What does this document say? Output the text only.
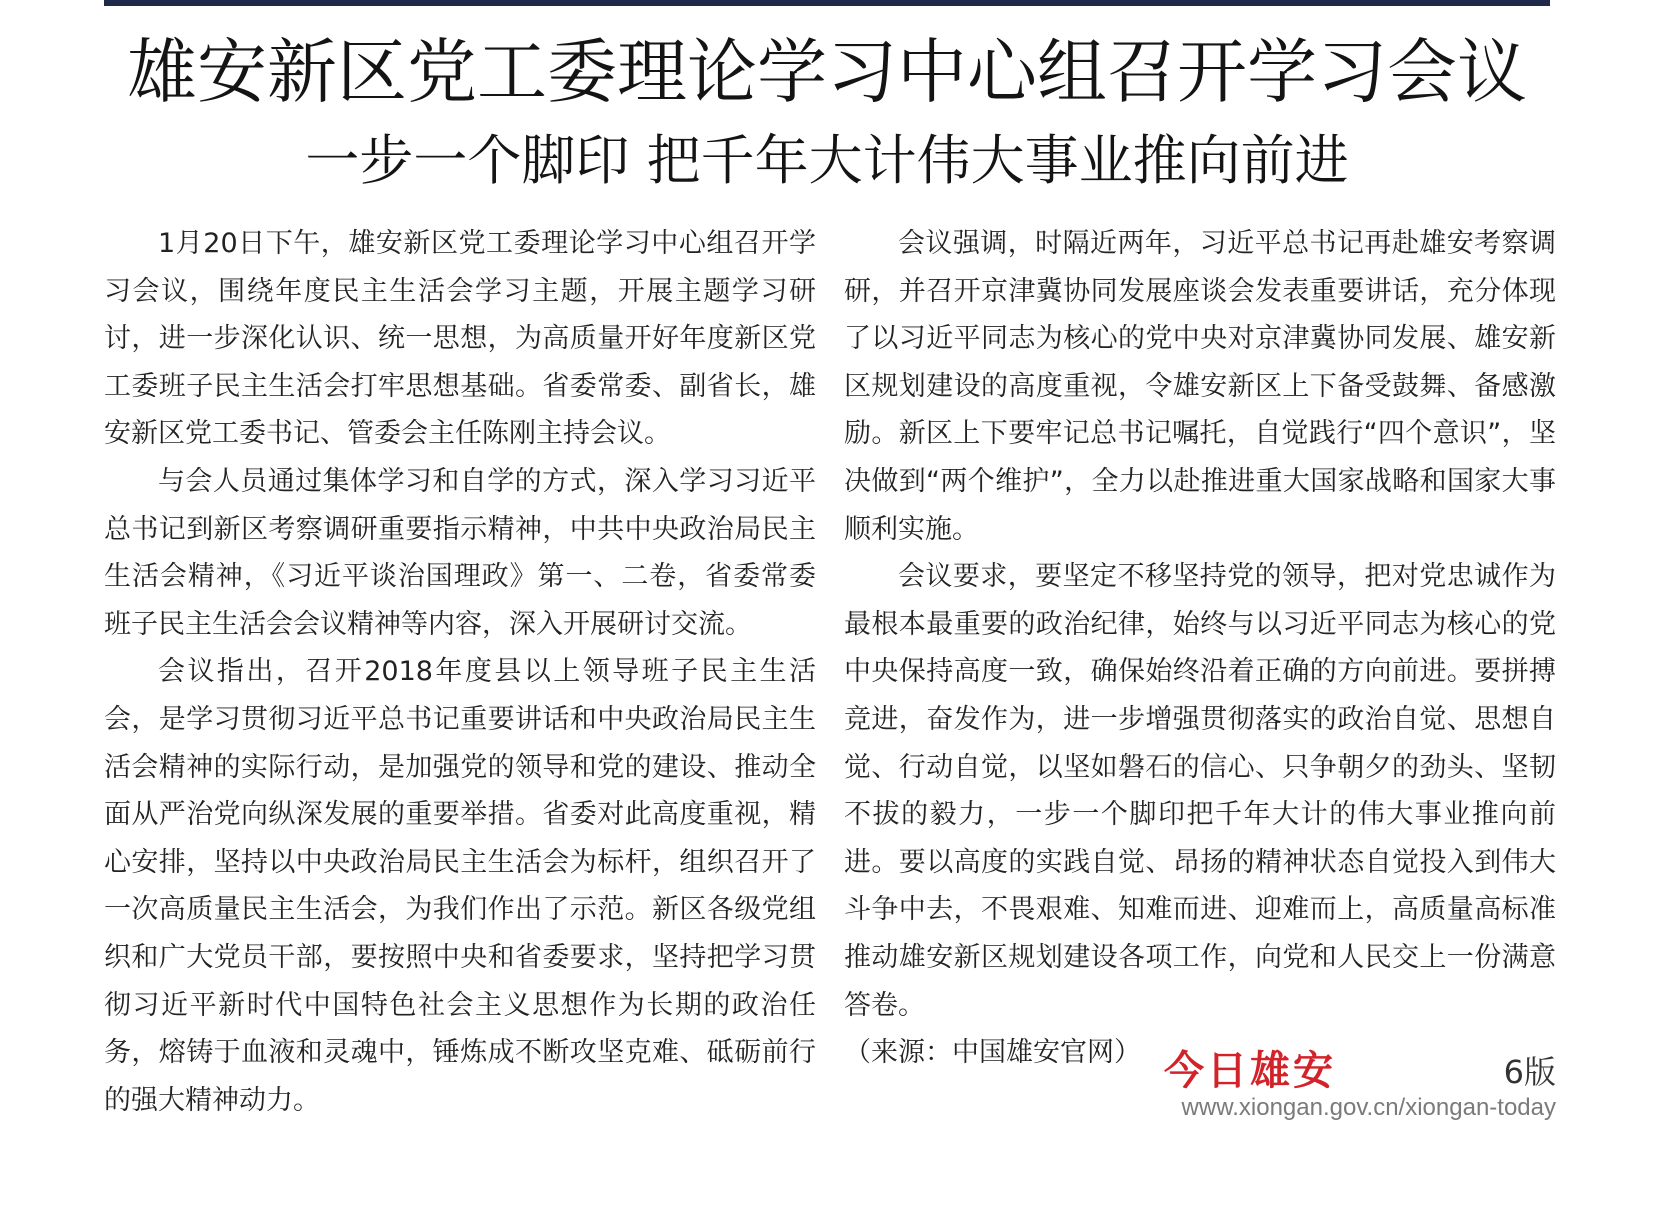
雄安新区党工委理论学习中心组召开学习会议
一步一个脚印 把千年大计伟大事业推向前进

1月20日下午，雄安新区党工委理论学习中心组召开学习会议，围绕年度民主生活会学习主题，开展主题学习研讨，进一步深化认识、统一思想，为高质量开好年度新区党工委班子民主生活会打牢思想基础。省委常委、副省长，雄安新区党工委书记、管委会主任陈刚主持会议。

与会人员通过集体学习和自学的方式，深入学习习近平总书记到新区考察调研重要指示精神，中共中央政治局民主生活会精神，《习近平谈治国理政》第一、二卷，省委常委班子民主生活会会议精神等内容，深入开展研讨交流。

会议指出，召开2018年度县以上领导班子民主生活会，是学习贯彻习近平总书记重要讲话和中央政治局民主生活会精神的实际行动，是加强党的领导和党的建设、推动全面从严治党向纵深发展的重要举措。省委对此高度重视，精心安排，坚持以中央政治局民主生活会为标杆，组织召开了一次高质量民主生活会，为我们作出了示范。新区各级党组织和广大党员干部，要按照中央和省委要求，坚持把学习贯彻习近平新时代中国特色社会主义思想作为长期的政治任务，熔铸于血液和灵魂中，锤炼成不断攻坚克难、砥砺前行的强大精神动力。

会议强调，时隔近两年，习近平总书记再赴雄安考察调研，并召开京津冀协同发展座谈会发表重要讲话，充分体现了以习近平同志为核心的党中央对京津冀协同发展、雄安新区规划建设的高度重视，令雄安新区上下备受鼓舞、备感激励。新区上下要牢记总书记嘱托，自觉践行“四个意识”，坚决做到“两个维护”，全力以赴推进重大国家战略和国家大事顺利实施。

会议要求，要坚定不移坚持党的领导，把对党忠诚作为最根本最重要的政治纪律，始终与以习近平同志为核心的党中央保持高度一致，确保始终沿着正确的方向前进。要拼搏竞进，奋发作为，进一步增强贯彻落实的政治自觉、思想自觉、行动自觉，以坚如磐石的信心、只争朝夕的劲头、坚韧不拔的毅力，一步一个脚印把千年大计的伟大事业推向前进。要以高度的实践自觉、昂扬的精神状态自觉投入到伟大斗争中去，不畏艰难、知难而进、迎难而上，高质量高标准推动雄安新区规划建设各项工作，向党和人民交上一份满意答卷。

（来源：中国雄安官网） 今日雄安	6版
www.xiongan.gov.cn/xiongan-today
